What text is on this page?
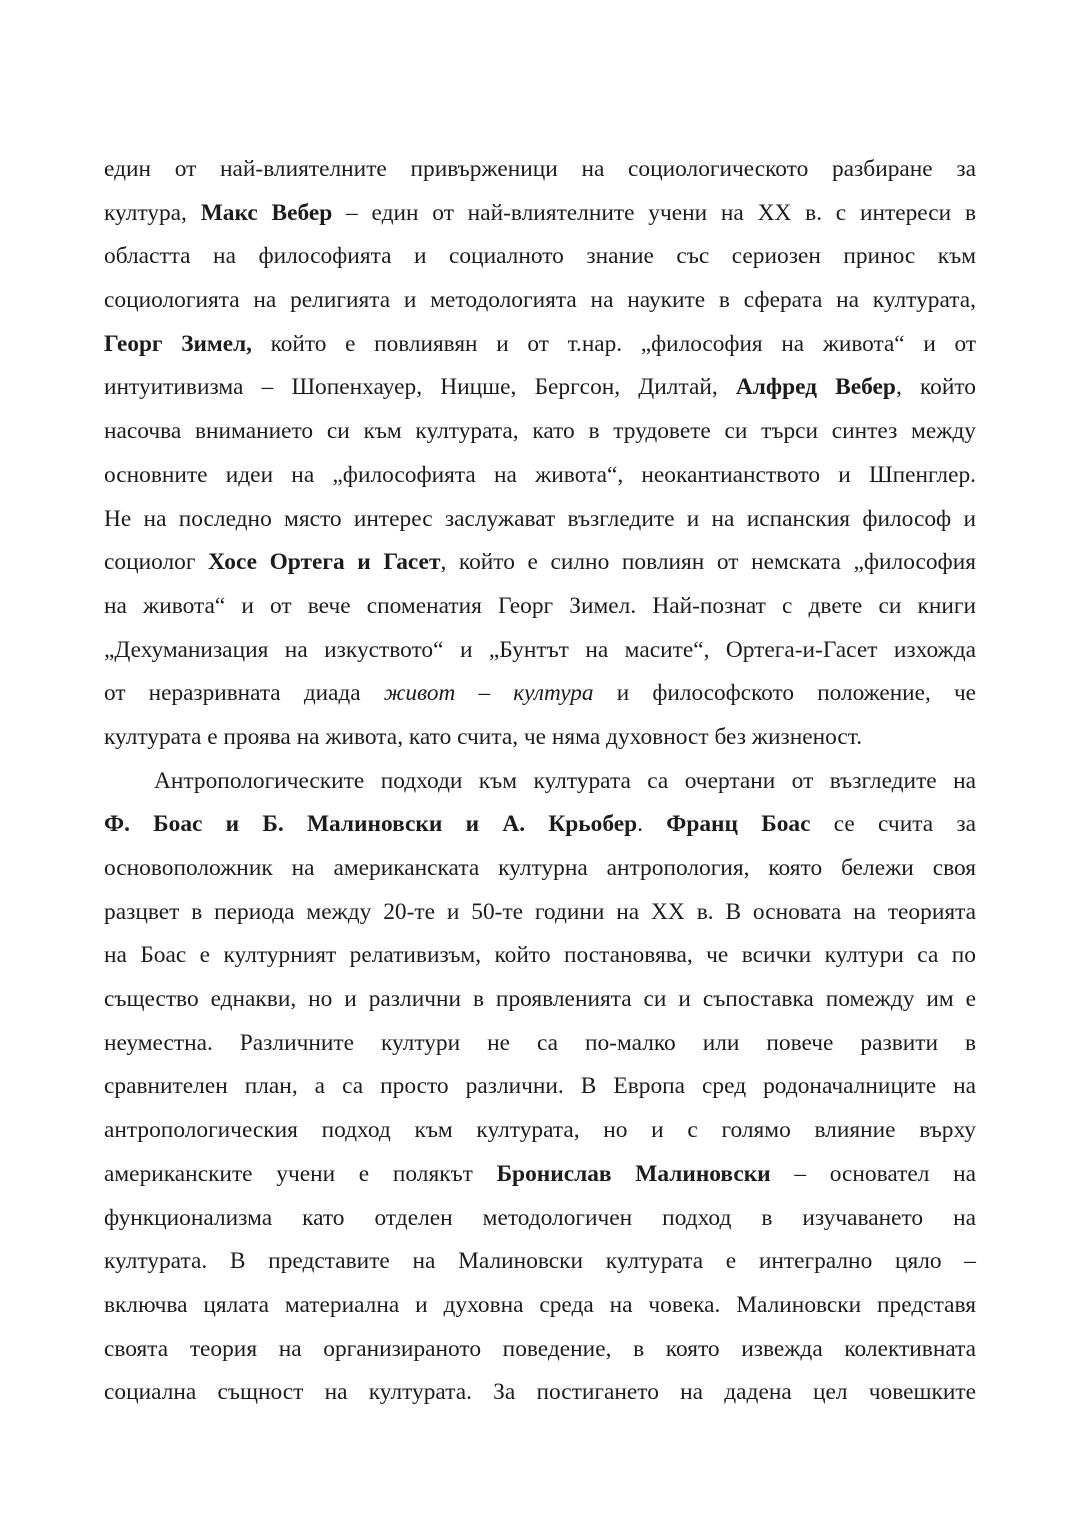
един от най-влиятелните привърженици на социологическото разбиране за
култура, Макс Вебер – един от най-влиятелните учени на ХХ в. с интереси в
областта на философията и социалното знание със сериозен принос към
социологията на религията и методологията на науките в сферата на културата,
Георг Зимел, който е повлиявян и от т.нар. „философия на живота“ и от
интуитивизма – Шопенхауер, Ницше, Бергсон, Дилтай, Алфред Вебер, който
насочва вниманието си към културата, като в трудовете си търси синтез между
основните идеи на „философията на живота“, неокантианството и Шпенглер.
Не на последно място интерес заслужават възгледите и на испанския философ и
социолог Хосе Ортега и Гасет, който е силно повлиян от немската „философия
на живота“ и от вече споменатия Георг Зимел. Най-познат с двете си книги
„Дехуманизация на изкуството“ и „Бунтът на масите“, Ортега-и-Гасет изхожда
от неразривната диада живот – култура и философското положение, че
културата е проява на живота, като счита, че няма духовност без жизненост.
Антропологическите подходи към културата са очертани от възгледите на
Ф. Боас и Б. Малиновски и А. Крьобер. Франц Боас се счита за
основоположник на американската културна антропология, която бележи своя
разцвет в периода между 20-те и 50-те години на ХХ в. В основата на теорията
на Боас е културният релативизъм, който постановява, че всички култури са по
същество еднакви, но и различни в проявленията си и съпоставка помежду им е
неуместна. Различните култури не са по-малко или повече развити в
сравнителен план, а са просто различни. В Европа сред родоначалниците на
антропологическия подход към културата, но и с голямо влияние върху
американските учени е полякът Бронислав Малиновски – основател на
функционализма като отделен методологичен подход в изучаването на
културата. В представите на Малиновски културата е интегрално цяло –
включва цялата материална и духовна среда на човека. Малиновски представя
своята теория на организираното поведение, в която извежда колективната
социална същност на културата. За постигането на дадена цел човешките
